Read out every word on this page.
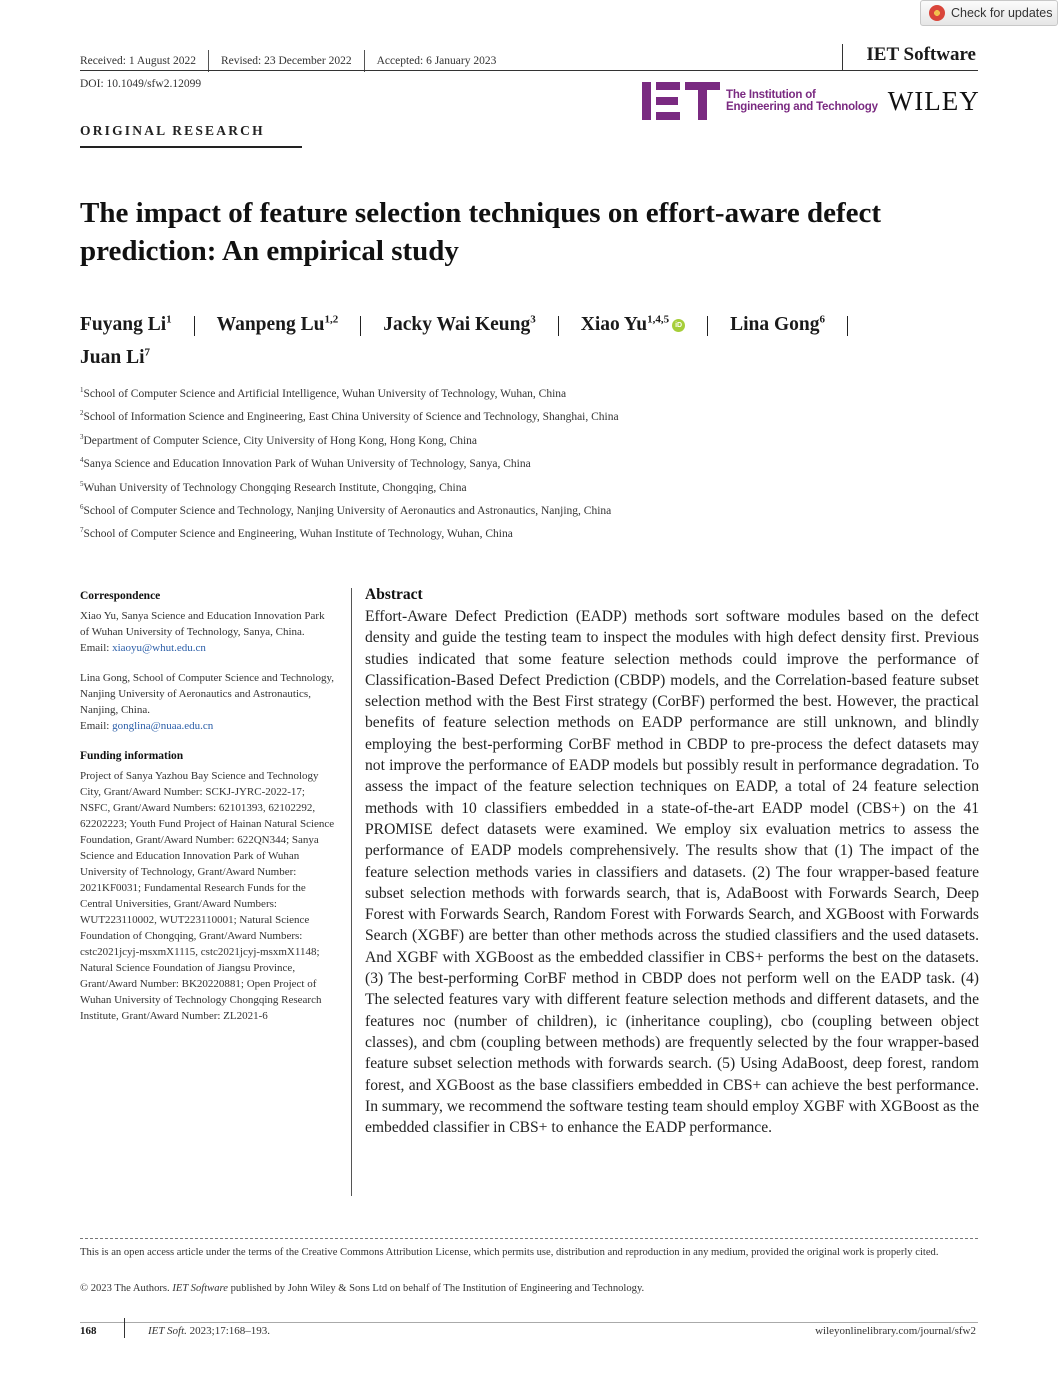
Check for updates
Received: 1 August 2022	Revised: 23 December 2022	Accepted: 6 January 2023	IET Software
DOI: 10.1049/sfw2.12099
The Institution of
Engineering and Technology WILEY
ORIGINAL RESEARCH
The impact of feature selection techniques on effort-aware defect prediction: An empirical study
Fuyang Li$^1$ Wanpeng Lu$^{1,2}$ Jacky Wai Keung$^3$ Xiao Yu$^{1,4,5}$iD Lina Gong$^6$
Juan Li$^7$
$^1$School of Computer Science and Artificial Intelligence, Wuhan University of Technology, Wuhan, China
$^2$School of Information Science and Engineering, East China University of Science and Technology, Shanghai, China
$^3$Department of Computer Science, City University of Hong Kong, Hong Kong, China
$^4$Sanya Science and Education Innovation Park of Wuhan University of Technology, Sanya, China
$^5$Wuhan University of Technology Chongqing Research Institute, Chongqing, China
$^6$School of Computer Science and Technology, Nanjing University of Aeronautics and Astronautics, Nanjing, China
$^7$School of Computer Science and Engineering, Wuhan Institute of Technology, Wuhan, China
Correspondence

Xiao Yu, Sanya Science and Education Innovation Park of Wuhan University of Technology, Sanya, China.
Email: xiaoyu@whut.edu.cn

Lina Gong, School of Computer Science and Technology, Nanjing University of Aeronautics and Astronautics, Nanjing, China.
Email: gonglina@nuaa.edu.cn

Funding information

Project of Sanya Yazhou Bay Science and Technology City, Grant/Award Number: SCKJ-JYRC-2022-17; NSFC, Grant/Award Numbers: 62101393, 62102292, 62202223; Youth Fund Project of Hainan Natural Science Foundation, Grant/Award Number: 622QN344; Sanya Science and Education Innovation Park of Wuhan University of Technology, Grant/Award Number: 2021KF0031; Fundamental Research Funds for the Central Universities, Grant/Award Numbers: WUT223110002, WUT223110001; Natural Science Foundation of Chongqing, Grant/Award Numbers: cstc2021jcyj-msxmX1115, cstc2021jcyj-msxmX1148; Natural Science Foundation of Jiangsu Province, Grant/Award Number: BK20220881; Open Project of Wuhan University of Technology Chongqing Research Institute, Grant/Award Number: ZL2021-6

Abstract
Effort-Aware Defect Prediction (EADP) methods sort software modules based on the defect density and guide the testing team to inspect the modules with high defect density first. Previous studies indicated that some feature selection methods could improve the performance of Classification-Based Defect Prediction (CBDP) models, and the Correlation-based feature subset selection method with the Best First strategy (CorBF) performed the best. However, the practical benefits of feature selection methods on EADP performance are still unknown, and blindly employing the best-performing CorBF method in CBDP to pre-process the defect datasets may not improve the performance of EADP models but possibly result in performance degradation. To assess the impact of the feature selection techniques on EADP, a total of 24 feature selection methods with 10 classifiers embedded in a state-of-the-art EADP model (CBS+) on the 41 PROMISE defect datasets were examined. We employ six evaluation metrics to assess the performance of EADP models comprehensively. The results show that (1) The impact of the feature selection methods varies in classifiers and datasets. (2) The four wrapper-based feature subset selection methods with forwards search, that is, AdaBoost with Forwards Search, Deep Forest with Forwards Search, Random Forest with Forwards Search, and XGBoost with Forwards Search (XGBF) are better than other methods across the studied classifiers and the used datasets. And XGBF with XGBoost as the embedded classifier in CBS+ performs the best on the datasets. (3) The best-performing CorBF method in CBDP does not perform well on the EADP task. (4) The selected features vary with different feature selection methods and different datasets, and the features noc (number of children), ic (inheritance coupling), cbo (coupling between object classes), and cbm (coupling between methods) are frequently selected by the four wrapper-based feature subset selection methods with forwards search. (5) Using AdaBoost, deep forest, random forest, and XGBoost as the base classifiers embedded in CBS+ can achieve the best performance. In summary, we recommend the software testing team should employ XGBF with XGBoost as the embedded classifier in CBS+ to enhance the EADP performance.
This is an open access article under the terms of the Creative Commons Attribution License, which permits use, distribution and reproduction in any medium, provided the original work is properly cited.
© 2023 The Authors. IET Software published by John Wiley & Sons Ltd on behalf of The Institution of Engineering and Technology.
168	IET Soft. 2023;17:168–193.	wileyonlinelibrary.com/journal/sfw2
